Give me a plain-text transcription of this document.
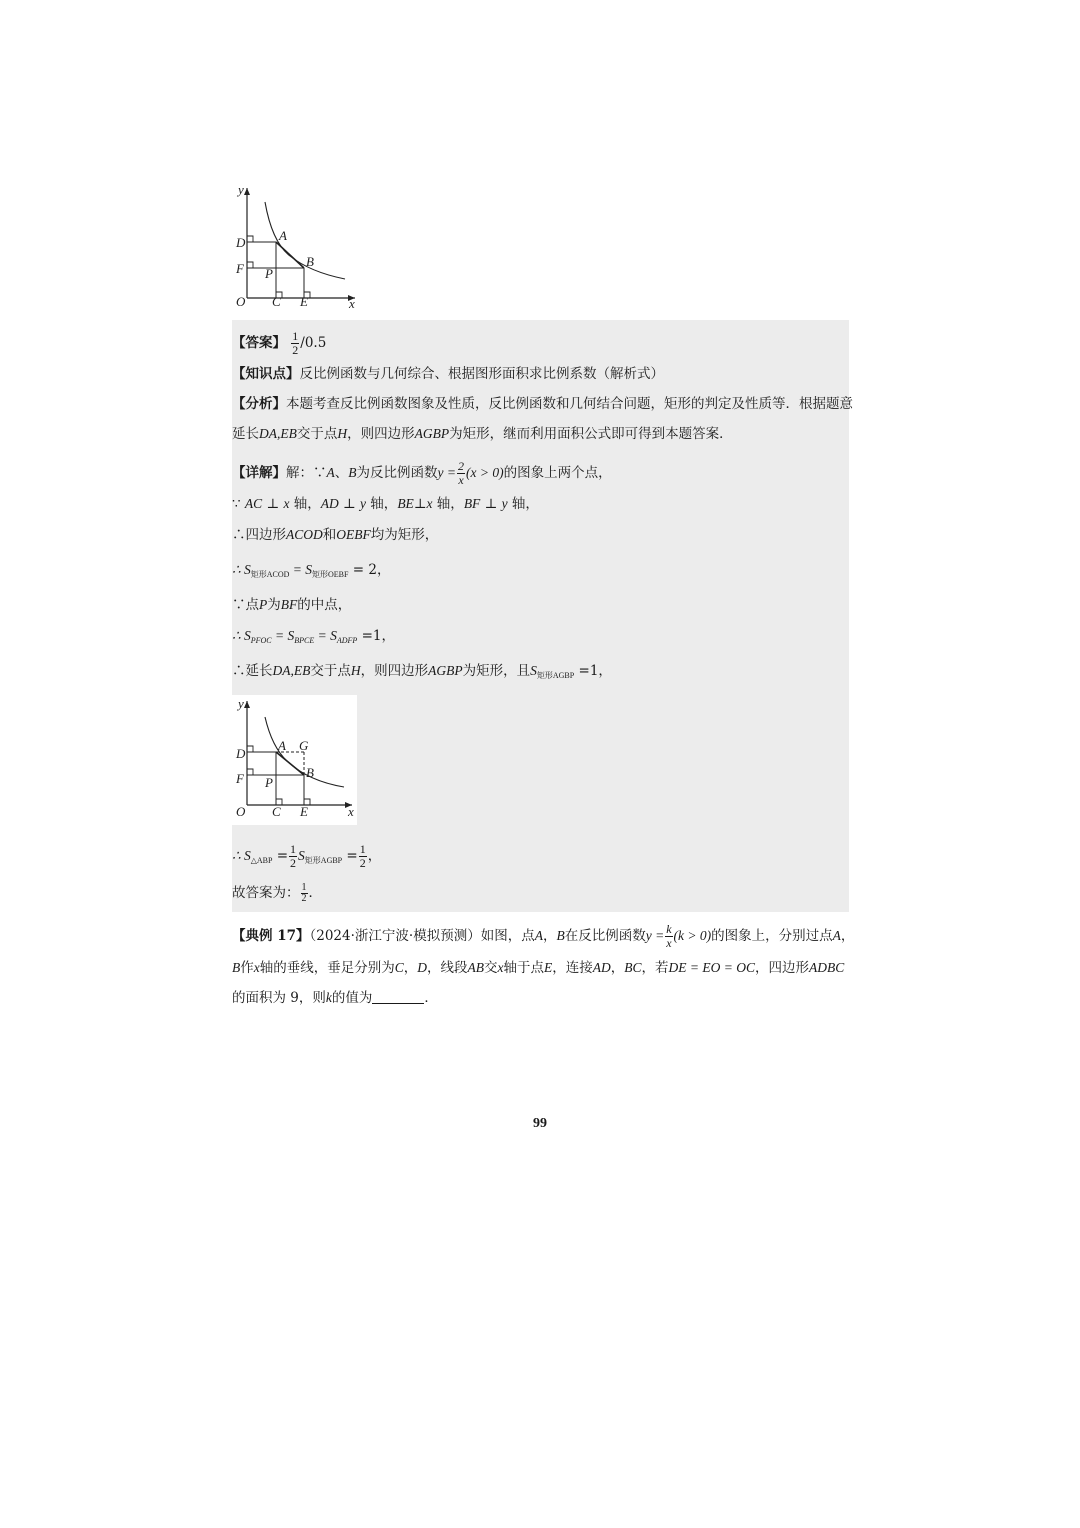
y
x
O
D
F
A
B
P
C E
【答案】 $\frac{1}{2} /0.5$
【知识点】反比例函数与几何综合、根据图形面积求比例系数（解析式）
【分析】本题考查反比例函数图象及性质，反比例函数和几何结合问题，矩形的判定及性质等．根据题意
延长DA,EB交于点H，则四边形AGBP为矩形，继而利用面积公式即可得到本题答案．
【详解】解：∵A、B为反比例函数$y = \frac{2}{x} (x > 0)$的图象上两个点，
∵ AC ⊥ x 轴，AD ⊥ y 轴，BE⊥x 轴，BF ⊥ y 轴，
∴四边形ACOD和OEBF均为矩形，
∴ $S_{矩形ACOD} = S_{矩形OEBF} = 2$，
∵点P为BF的中点，
∴ $S_{PFOC} = S_{BPCE} = S_{ADFP} =1$，
∴延长DA,EB交于点H，则四边形AGBP为矩形，且$S_{矩形AGBP} =1$，
y
x
O
D
F
A G
B
P
C E
∴ $S_{\triangle ABP} = \frac{1}{2} S_{矩形AGBP} = \frac{1}{2}$ ，
故答案为： $\frac{1}{2}$ ．
【典例 17】（2024·浙江宁波·模拟预测）如图，点A，B在反比例函数$y = \frac{k}{x} (k > 0)$的图象上，分别过点A，
B作x轴的垂线，垂足分别为C，D，线段AB交x轴于点E，连接AD，BC，若DE = EO = OC，四边形ADBC
的面积为 9，则k的值为	．
99
